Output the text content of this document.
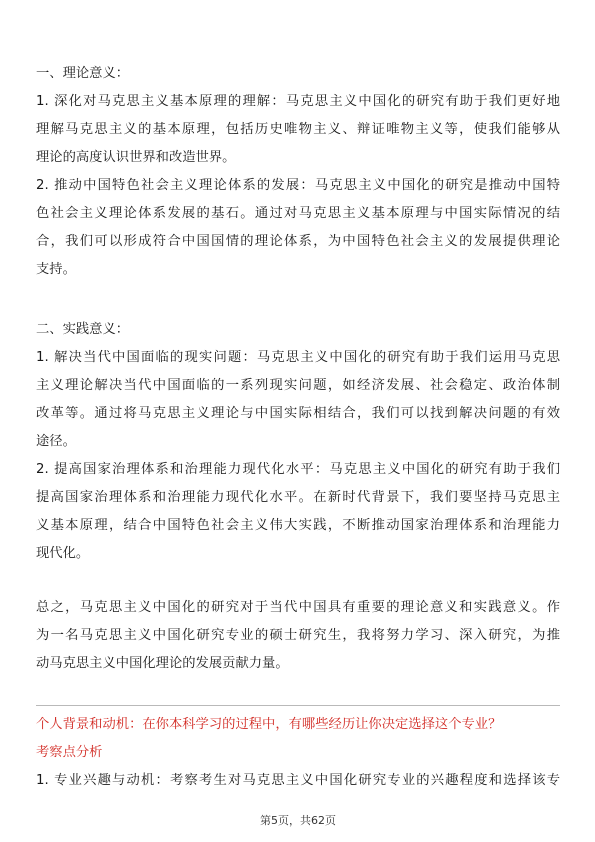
一、理论意义：
1. 深化对马克思主义基本原理的理解：马克思主义中国化的研究有助于我们更好地
理解马克思主义的基本原理，包括历史唯物主义、辩证唯物主义等，使我们能够从
理论的高度认识世界和改造世界。
2. 推动中国特色社会主义理论体系的发展：马克思主义中国化的研究是推动中国特
色社会主义理论体系发展的基石。通过对马克思主义基本原理与中国实际情况的结
合，我们可以形成符合中国国情的理论体系，为中国特色社会主义的发展提供理论
支持。
二、实践意义：
1. 解决当代中国面临的现实问题：马克思主义中国化的研究有助于我们运用马克思
主义理论解决当代中国面临的一系列现实问题，如经济发展、社会稳定、政治体制
改革等。通过将马克思主义理论与中国实际相结合，我们可以找到解决问题的有效
途径。
2. 提高国家治理体系和治理能力现代化水平：马克思主义中国化的研究有助于我们
提高国家治理体系和治理能力现代化水平。在新时代背景下，我们要坚持马克思主
义基本原理，结合中国特色社会主义伟大实践，不断推动国家治理体系和治理能力
现代化。
总之，马克思主义中国化的研究对于当代中国具有重要的理论意义和实践意义。作
为一名马克思主义中国化研究专业的硕士研究生，我将努力学习、深入研究，为推
动马克思主义中国化理论的发展贡献力量。
个人背景和动机：在你本科学习的过程中，有哪些经历让你决定选择这个专业？
考察点分析
1. 专业兴趣与动机：考察考生对马克思主义中国化研究专业的兴趣程度和选择该专
第5页，共62页
